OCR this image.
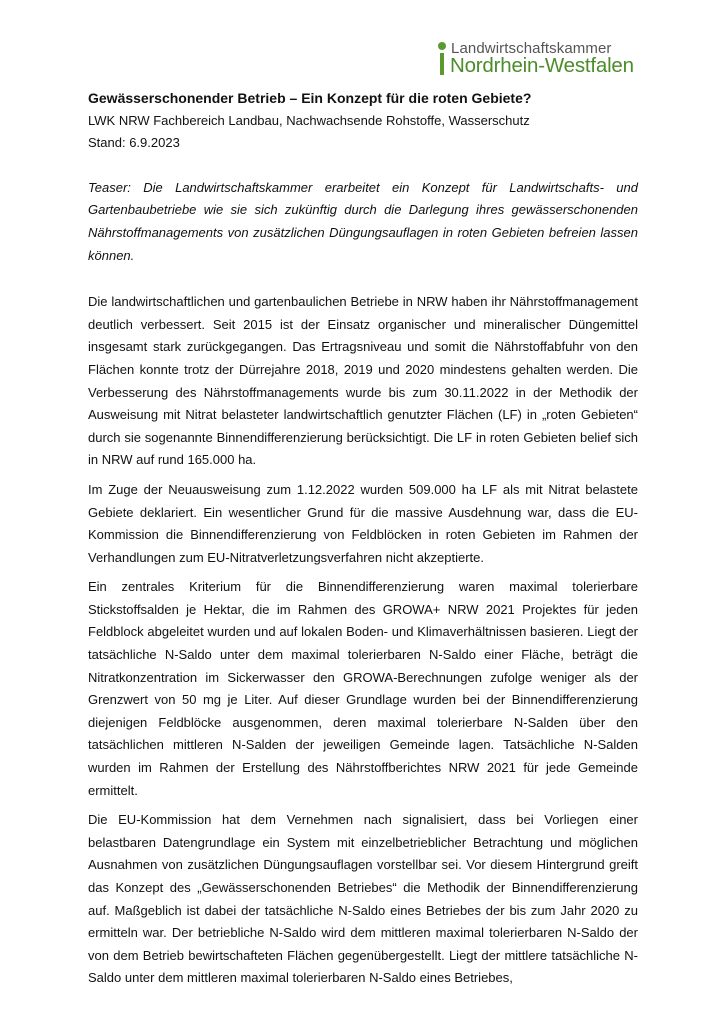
Landwirtschaftskammer
Nordrhein-Westfalen

Gewässerschonender Betrieb – Ein Konzept für die roten Gebiete?

LWK NRW Fachbereich Landbau, Nachwachsende Rohstoffe, Wasserschutz

Stand: 6.9.2023

Teaser: Die Landwirtschaftskammer erarbeitet ein Konzept für Landwirtschafts- und Gartenbaubetriebe wie sie sich zukünftig durch die Darlegung ihres gewässerschonenden Nährstoffmanagements von zusätzlichen Düngungsauflagen in roten Gebieten befreien lassen können.

Die landwirtschaftlichen und gartenbaulichen Betriebe in NRW haben ihr Nährstoffmanagement deutlich verbessert. Seit 2015 ist der Einsatz organischer und mineralischer Düngemittel insgesamt stark zurückgegangen. Das Ertragsniveau und somit die Nährstoffabfuhr von den Flächen konnte trotz der Dürrejahre 2018, 2019 und 2020 mindestens gehalten werden. Die Verbesserung des Nährstoffmanagements wurde bis zum 30.11.2022 in der Methodik der Ausweisung mit Nitrat belasteter landwirtschaftlich genutzter Flächen (LF) in „roten Gebieten“ durch sie sogenannte Binnendifferenzierung berücksichtigt. Die LF in roten Gebieten belief sich in NRW auf rund 165.000 ha.

Im Zuge der Neuausweisung zum 1.12.2022 wurden 509.000 ha LF als mit Nitrat belastete Gebiete deklariert. Ein wesentlicher Grund für die massive Ausdehnung war, dass die EU-Kommission die Binnendifferenzierung von Feldblöcken in roten Gebieten im Rahmen der Verhandlungen zum EU-Nitratverletzungsverfahren nicht akzeptierte.

Ein zentrales Kriterium für die Binnendifferenzierung waren maximal tolerierbare Stickstoffsalden je Hektar, die im Rahmen des GROWA+ NRW 2021 Projektes für jeden Feldblock abgeleitet wurden und auf lokalen Boden- und Klimaverhältnissen basieren. Liegt der tatsächliche N-Saldo unter dem maximal tolerierbaren N-Saldo einer Fläche, beträgt die Nitratkonzentration im Sickerwasser den GROWA-Berechnungen zufolge weniger als der Grenzwert von 50 mg je Liter. Auf dieser Grundlage wurden bei der Binnendifferenzierung diejenigen Feldblöcke ausgenommen, deren maximal tolerierbare N-Salden über den tatsächlichen mittleren N-Salden der jeweiligen Gemeinde lagen. Tatsächliche N-Salden wurden im Rahmen der Erstellung des Nährstoffberichtes NRW 2021 für jede Gemeinde ermittelt.

Die EU-Kommission hat dem Vernehmen nach signalisiert, dass bei Vorliegen einer belastbaren Datengrundlage ein System mit einzelbetrieblicher Betrachtung und möglichen Ausnahmen von zusätzlichen Düngungsauflagen vorstellbar sei. Vor diesem Hintergrund greift das Konzept des „Gewässerschonenden Betriebes“ die Methodik der Binnendifferenzierung auf. Maßgeblich ist dabei der tatsächliche N-Saldo eines Betriebes der bis zum Jahr 2020 zu ermitteln war. Der betriebliche N-Saldo wird dem mittleren maximal tolerierbaren N-Saldo der von dem Betrieb bewirtschafteten Flächen gegenübergestellt. Liegt der mittlere tatsächliche N-Saldo unter dem mittleren maximal tolerierbaren N-Saldo eines Betriebes,
